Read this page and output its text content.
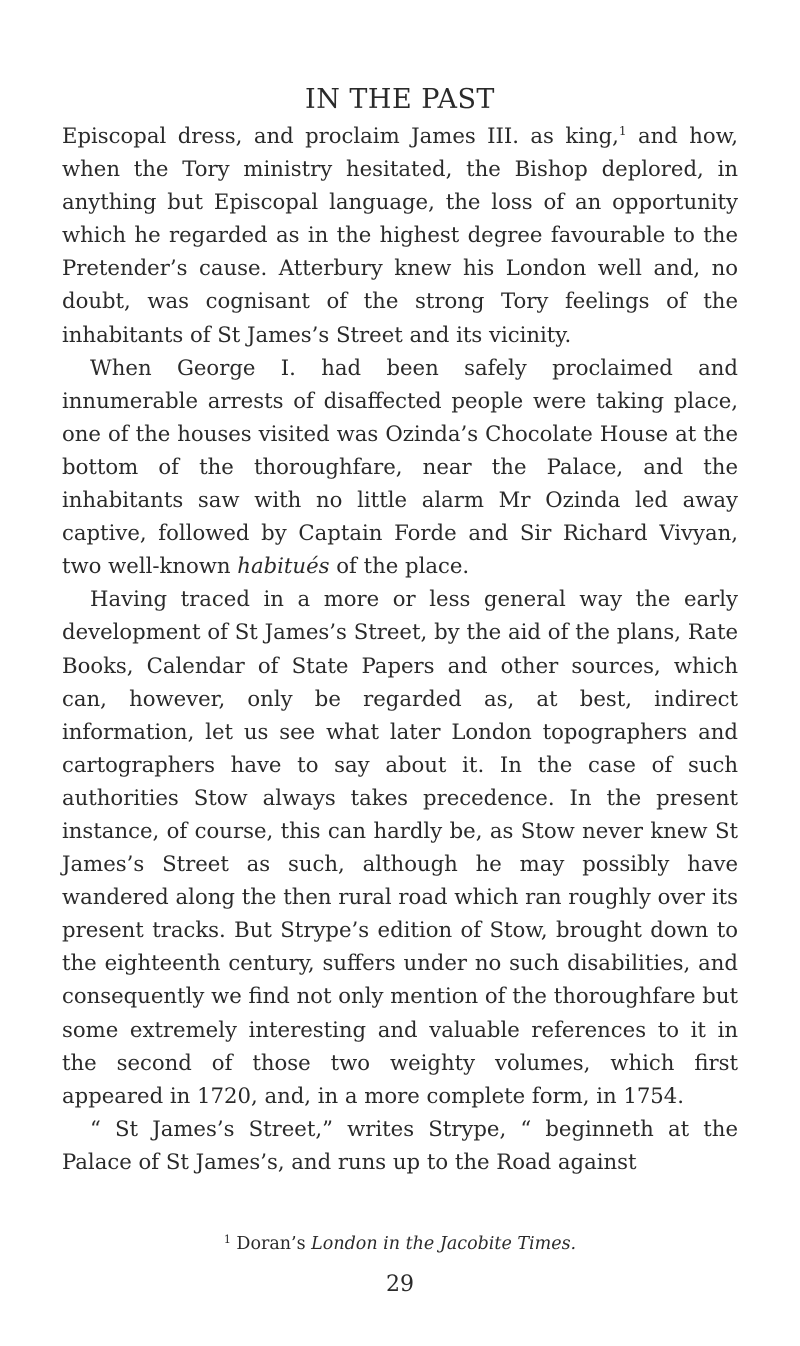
IN THE PAST

Episcopal dress, and proclaim James III. as king,$^1$ and how, when the Tory ministry hesitated, the Bishop deplored, in anything but Episcopal language, the loss of an opportunity which he regarded as in the highest degree favourable to the Pretender’s cause. Atterbury knew his London well and, no doubt, was cognisant of the strong Tory feelings of the inhabitants of St James’s Street and its vicinity.

When George I. had been safely proclaimed and innumerable arrests of disaffected people were taking place, one of the houses visited was Ozinda’s Chocolate House at the bottom of the thoroughfare, near the Palace, and the inhabitants saw with no little alarm Mr Ozinda led away captive, followed by Captain Forde and Sir Richard Vivyan, two well-known habitués of the place.

Having traced in a more or less general way the early development of St James’s Street, by the aid of the plans, Rate Books, Calendar of State Papers and other sources, which can, however, only be regarded as, at best, indirect information, let us see what later London topographers and cartographers have to say about it. In the case of such authorities Stow always takes precedence. In the present instance, of course, this can hardly be, as Stow never knew St James’s Street as such, although he may possibly have wandered along the then rural road which ran roughly over its present tracks. But Strype’s edition of Stow, brought down to the eighteenth century, suffers under no such disabilities, and consequently we find not only mention of the thoroughfare but some extremely interesting and valuable references to it in the second of those two weighty volumes, which first appeared in 1720, and, in a more complete form, in 1754.

“ St James’s Street,” writes Strype, “ beginneth at the Palace of St James’s, and runs up to the Road against

$^1$ Doran’s London in the Jacobite Times.
29
